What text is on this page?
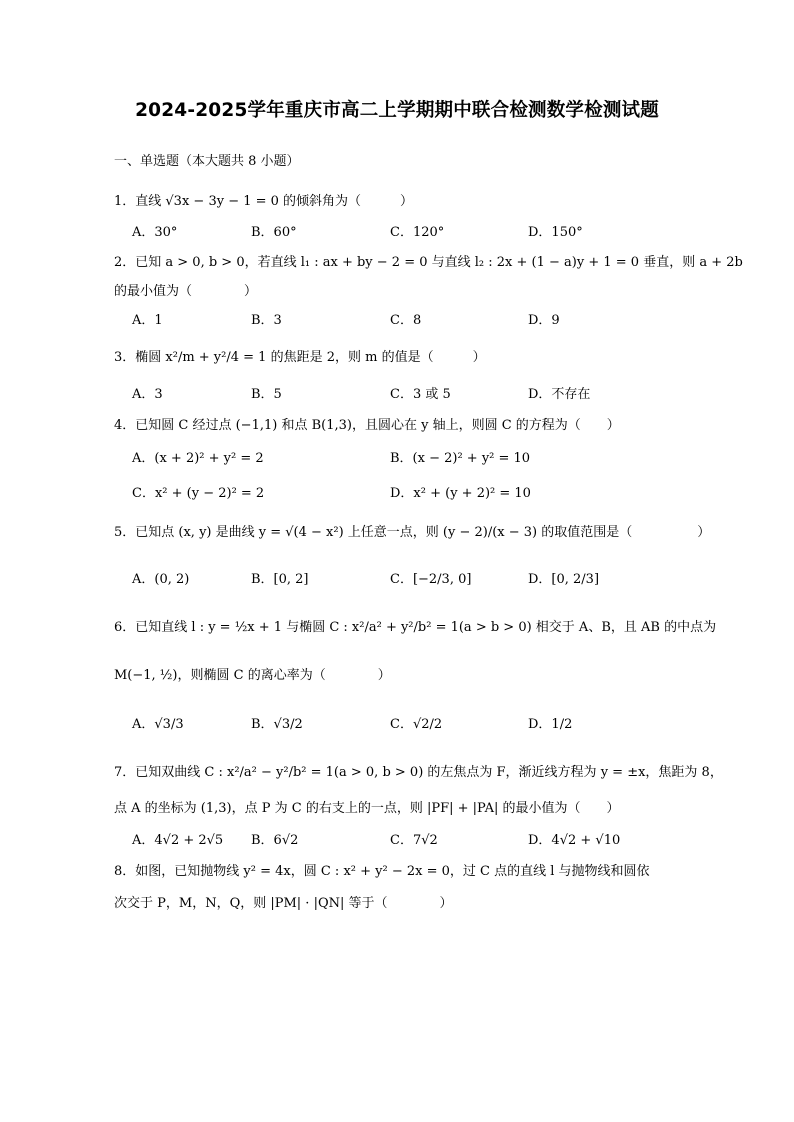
2024-2025学年重庆市高二上学期期中联合检测数学检测试题
一、单选题（本大题共 8 小题）
1．直线 √3x − 3y − 1 = 0 的倾斜角为（　　　）
A．30°	B．60°	C．120°	D．150°
2．已知 a > 0, b > 0，若直线 l₁ : ax + by − 2 = 0 与直线 l₂ : 2x + (1 − a)y + 1 = 0 垂直，则 a + 2b
的最小值为（　　　　）
A．1	B．3	C．8	D．9
3．椭圆 x²/m + y²/4 = 1 的焦距是 2，则 m 的值是（　　　）
A．3	B．5	C．3 或 5	D．不存在
4．已知圆 C 经过点 (−1,1) 和点 B(1,3)，且圆心在 y 轴上，则圆 C 的方程为（　　）
A．(x + 2)² + y² = 2	B．(x − 2)² + y² = 10
C．x² + (y − 2)² = 2	D．x² + (y + 2)² = 10
5．已知点 (x, y) 是曲线 y = √(4 − x²) 上任意一点，则 (y − 2)/(x − 3) 的取值范围是（　　　　　）
A．(0, 2)	B．[0, 2]	C．[−2/3, 0]	D．[0, 2/3]
6．已知直线 l : y = ½x + 1 与椭圆 C : x²/a² + y²/b² = 1(a > b > 0) 相交于 A、B，且 AB 的中点为
M(−1, ½)，则椭圆 C 的离心率为（　　　　）
A．√3/3	B．√3/2	C．√2/2	D．1/2
7．已知双曲线 C : x²/a² − y²/b² = 1(a > 0, b > 0) 的左焦点为 F，渐近线方程为 y = ±x，焦距为 8，
点 A 的坐标为 (1,3)，点 P 为 C 的右支上的一点，则 |PF| + |PA| 的最小值为（　　）
A．4√2 + 2√5 B．6√2	C．7√2	D．4√2 + √10
8．如图，已知抛物线 y² = 4x，圆 C : x² + y² − 2x = 0，过 C 点的直线 l 与抛物线和圆依
次交于 P，M，N，Q，则 |PM| · |QN| 等于（　　　　）
